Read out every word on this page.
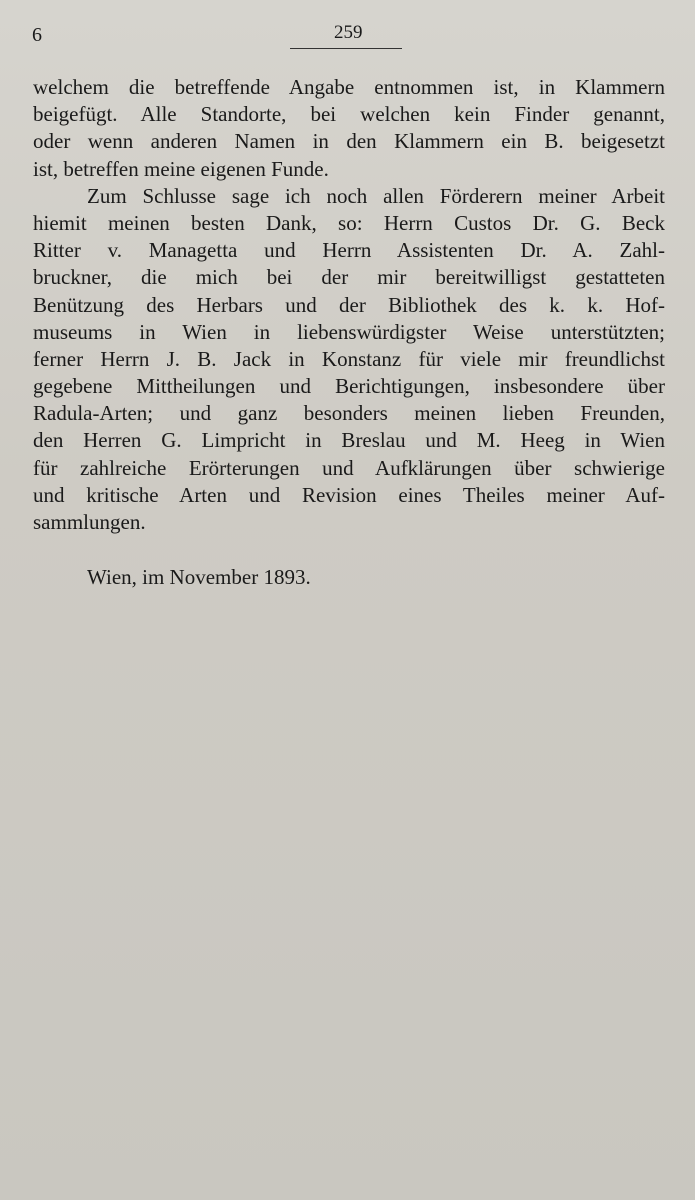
6	259
welchem die betreffende Angabe entnommen ist, in Klammern
beigefügt. Alle Standorte, bei welchen kein Finder genannt,
oder wenn anderen Namen in den Klammern ein B. beigesetzt
ist, betreffen meine eigenen Funde.
Zum Schlusse sage ich noch allen Förderern meiner Arbeit
hiemit meinen besten Dank, so: Herrn Custos Dr. G. Beck
Ritter v. Managetta und Herrn Assistenten Dr. A. Zahl-
bruckner, die mich bei der mir bereitwilligst gestatteten
Benützung des Herbars und der Bibliothek des k. k. Hof-
museums in Wien in liebenswürdigster Weise unterstützten;
ferner Herrn J. B. Jack in Konstanz für viele mir freundlichst
gegebene Mittheilungen und Berichtigungen, insbesondere über
Radula-Arten; und ganz besonders meinen lieben Freunden,
den Herren G. Limpricht in Breslau und M. Heeg in Wien
für zahlreiche Erörterungen und Aufklärungen über schwierige
und kritische Arten und Revision eines Theiles meiner Auf-
sammlungen.
Wien, im November 1893.
